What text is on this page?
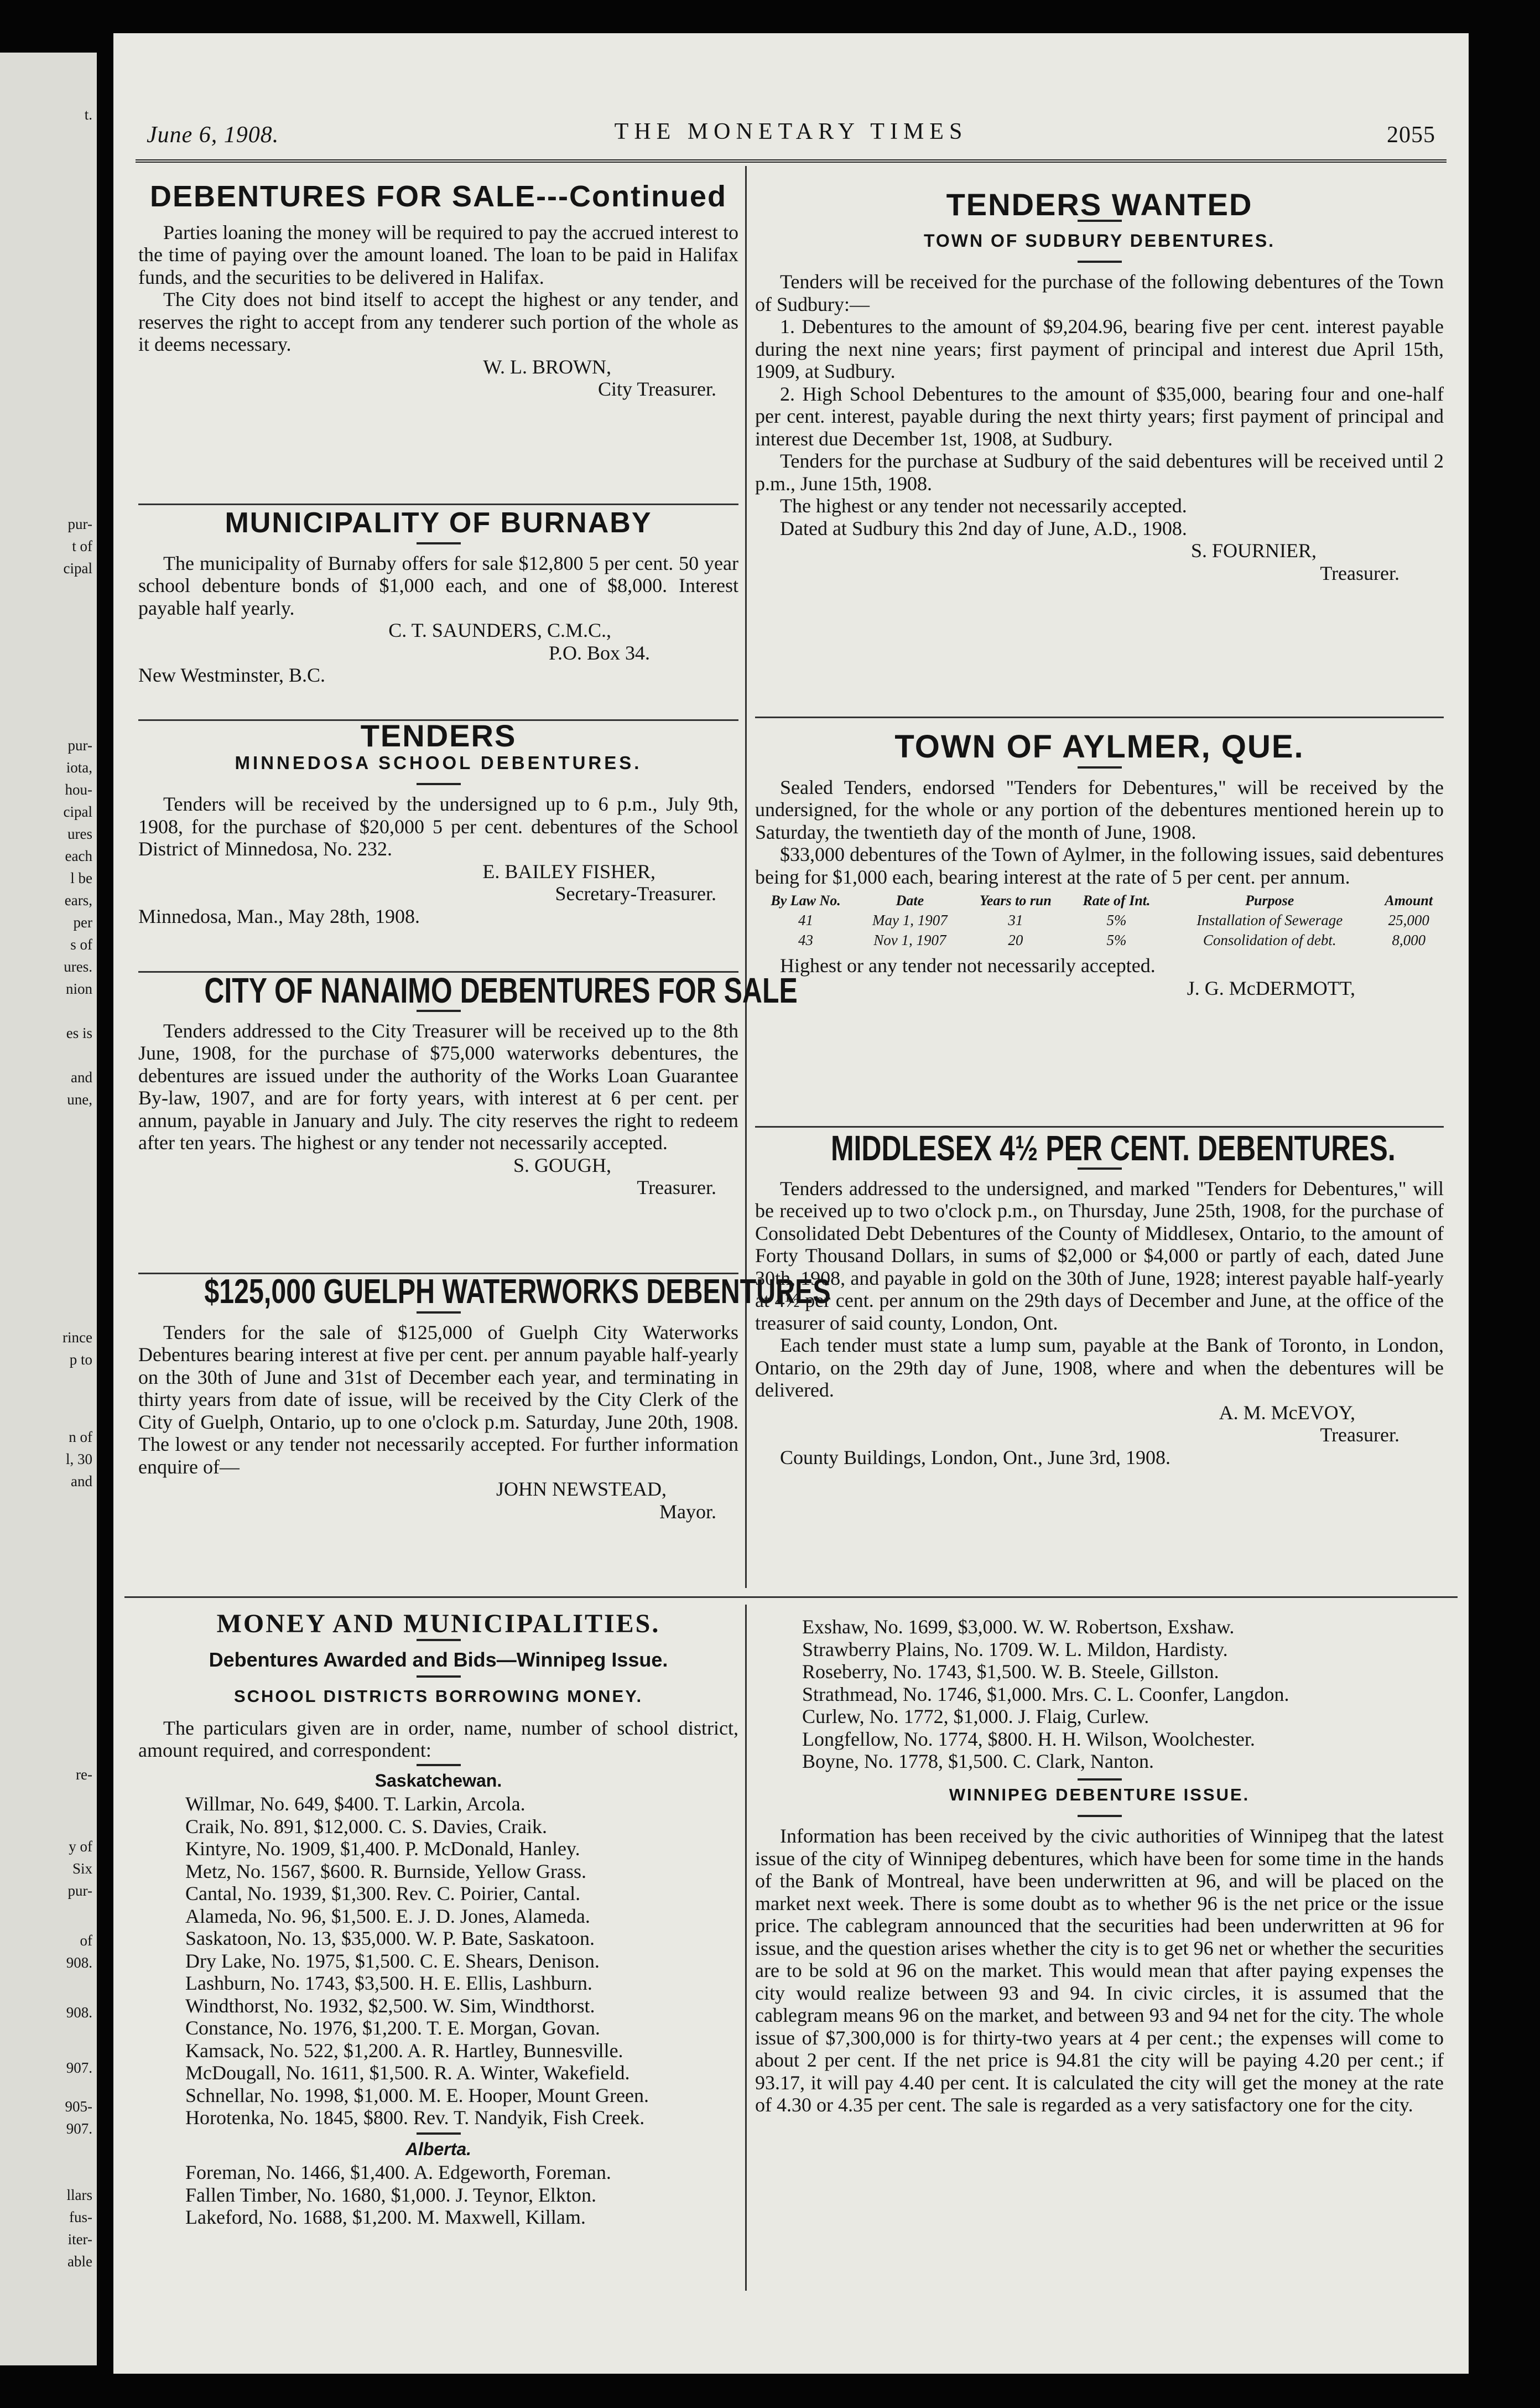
t.
pur-
t of
cipal
pur-
iota,
hou-
cipal
ures
each
l be
ears,
per
s of
ures.
nion
es is
and
une,
rince
p to
n of
l, 30
and
re-
y of
Six
pur-
of
908.
908.
907.
905-
907.
llars
fus-
iter-
able
June 6, 1908.	THE MONETARY TIMES	2055
DEBENTURES FOR SALE---Continued

Parties loaning the money will be required to pay the accrued interest to the time of paying over the amount loaned. The loan to be paid in Halifax funds, and the securities to be delivered in Halifax.

The City does not bind itself to accept the highest or any tender, and reserves the right to accept from any tenderer such portion of the whole as it deems necessary.

W. L. BROWN,

City Treasurer.

MUNICIPALITY OF BURNABY

The municipality of Burnaby offers for sale $12,800 5 per cent. 50 year school debenture bonds of $1,000 each, and one of $8,000. Interest payable half yearly.

C. T. SAUNDERS, C.M.C.,

P.O. Box 34.

New Westminster, B.C.

TENDERS
MINNEDOSA SCHOOL DEBENTURES.

Tenders will be received by the undersigned up to 6 p.m., July 9th, 1908, for the purchase of $20,000 5 per cent. debentures of the School District of Minnedosa, No. 232.

E. BAILEY FISHER,

Secretary-Treasurer.

Minnedosa, Man., May 28th, 1908.

CITY OF NANAIMO DEBENTURES FOR SALE

Tenders addressed to the City Treasurer will be received up to the 8th June, 1908, for the purchase of $75,000 waterworks debentures, the debentures are issued under the authority of the Works Loan Guarantee By-law, 1907, and are for forty years, with interest at 6 per cent. per annum, payable in January and July. The city reserves the right to redeem after ten years. The highest or any tender not necessarily accepted.

S. GOUGH,

Treasurer.

$125,000 GUELPH WATERWORKS DEBENTURES

Tenders for the sale of $125,000 of Guelph City Waterworks Debentures bearing interest at five per cent. per annum payable half-yearly on the 30th of June and 31st of December each year, and terminating in thirty years from date of issue, will be received by the City Clerk of the City of Guelph, Ontario, up to one o'clock p.m. Saturday, June 20th, 1908. The lowest or any tender not necessarily accepted. For further information enquire of—

JOHN NEWSTEAD,

Mayor.

TENDERS WANTED
TOWN OF SUDBURY DEBENTURES.

Tenders will be received for the purchase of the following debentures of the Town of Sudbury:—

1. Debentures to the amount of $9,204.96, bearing five per cent. interest payable during the next nine years; first payment of principal and interest due April 15th, 1909, at Sudbury.

2. High School Debentures to the amount of $35,000, bearing four and one-half per cent. interest, payable during the next thirty years; first payment of principal and interest due December 1st, 1908, at Sudbury.

Tenders for the purchase at Sudbury of the said debentures will be received until 2 p.m., June 15th, 1908.

The highest or any tender not necessarily accepted.

Dated at Sudbury this 2nd day of June, A.D., 1908.

S. FOURNIER,

Treasurer.

TOWN OF AYLMER, QUE.

Sealed Tenders, endorsed "Tenders for Debentures," will be received by the undersigned, for the whole or any portion of the debentures mentioned herein up to Saturday, the twentieth day of the month of June, 1908.

$33,000 debentures of the Town of Aylmer, in the following issues, said debentures being for $1,000 each, bearing interest at the rate of 5 per cent. per annum.

By Law No.	Date	Years to run	Rate of Int.	Purpose	Amount
41	May 1, 1907	31	5%	Installation of Sewerage	25,000
43	Nov 1, 1907	20	5%	Consolidation of debt.	8,000

Highest or any tender not necessarily accepted.

J. G. McDERMOTT,

MIDDLESEX 4½ PER CENT. DEBENTURES.

Tenders addressed to the undersigned, and marked "Tenders for Debentures," will be received up to two o'clock p.m., on Thursday, June 25th, 1908, for the purchase of Consolidated Debt Debentures of the County of Middlesex, Ontario, to the amount of Forty Thousand Dollars, in sums of $2,000 or $4,000 or partly of each, dated June 30th, 1908, and payable in gold on the 30th of June, 1928; interest payable half-yearly at 4½ per cent. per annum on the 29th days of December and June, at the office of the treasurer of said county, London, Ont.

Each tender must state a lump sum, payable at the Bank of Toronto, in London, Ontario, on the 29th day of June, 1908, where and when the debentures will be delivered.

A. M. McEVOY,

Treasurer.

County Buildings, London, Ont., June 3rd, 1908.

MONEY AND MUNICIPALITIES.
Debentures Awarded and Bids—Winnipeg Issue.
SCHOOL DISTRICTS BORROWING MONEY.

The particulars given are in order, name, number of school district, amount required, and correspondent:

Saskatchewan.

Willmar, No. 649, $400. T. Larkin, Arcola.

Craik, No. 891, $12,000. C. S. Davies, Craik.

Kintyre, No. 1909, $1,400. P. McDonald, Hanley.

Metz, No. 1567, $600. R. Burnside, Yellow Grass.

Cantal, No. 1939, $1,300. Rev. C. Poirier, Cantal.

Alameda, No. 96, $1,500. E. J. D. Jones, Alameda.

Saskatoon, No. 13, $35,000. W. P. Bate, Saskatoon.

Dry Lake, No. 1975, $1,500. C. E. Shears, Denison.

Lashburn, No. 1743, $3,500. H. E. Ellis, Lashburn.

Windthorst, No. 1932, $2,500. W. Sim, Windthorst.

Constance, No. 1976, $1,200. T. E. Morgan, Govan.

Kamsack, No. 522, $1,200. A. R. Hartley, Bunnesville.

McDougall, No. 1611, $1,500. R. A. Winter, Wakefield.

Schnellar, No. 1998, $1,000. M. E. Hooper, Mount Green.

Horotenka, No. 1845, $800. Rev. T. Nandyik, Fish Creek.

Alberta.

Foreman, No. 1466, $1,400. A. Edgeworth, Foreman.

Fallen Timber, No. 1680, $1,000. J. Teynor, Elkton.

Lakeford, No. 1688, $1,200. M. Maxwell, Killam.

Exshaw, No. 1699, $3,000. W. W. Robertson, Exshaw.

Strawberry Plains, No. 1709. W. L. Mildon, Hardisty.

Roseberry, No. 1743, $1,500. W. B. Steele, Gillston.

Strathmead, No. 1746, $1,000. Mrs. C. L. Coonfer, Langdon.

Curlew, No. 1772, $1,000. J. Flaig, Curlew.

Longfellow, No. 1774, $800. H. H. Wilson, Woolchester.

Boyne, No. 1778, $1,500. C. Clark, Nanton.

WINNIPEG DEBENTURE ISSUE.

Information has been received by the civic authorities of Winnipeg that the latest issue of the city of Winnipeg debentures, which have been for some time in the hands of the Bank of Montreal, have been underwritten at 96, and will be placed on the market next week. There is some doubt as to whether 96 is the net price or the issue price. The cablegram announced that the securities had been underwritten at 96 for issue, and the question arises whether the city is to get 96 net or whether the securities are to be sold at 96 on the market. This would mean that after paying expenses the city would realize between 93 and 94. In civic circles, it is assumed that the cablegram means 96 on the market, and between 93 and 94 net for the city. The whole issue of $7,300,000 is for thirty-two years at 4 per cent.; the expenses will come to about 2 per cent. If the net price is 94.81 the city will be paying 4.20 per cent.; if 93.17, it will pay 4.40 per cent. It is calculated the city will get the money at the rate of 4.30 or 4.35 per cent. The sale is regarded as a very satisfactory one for the city.
